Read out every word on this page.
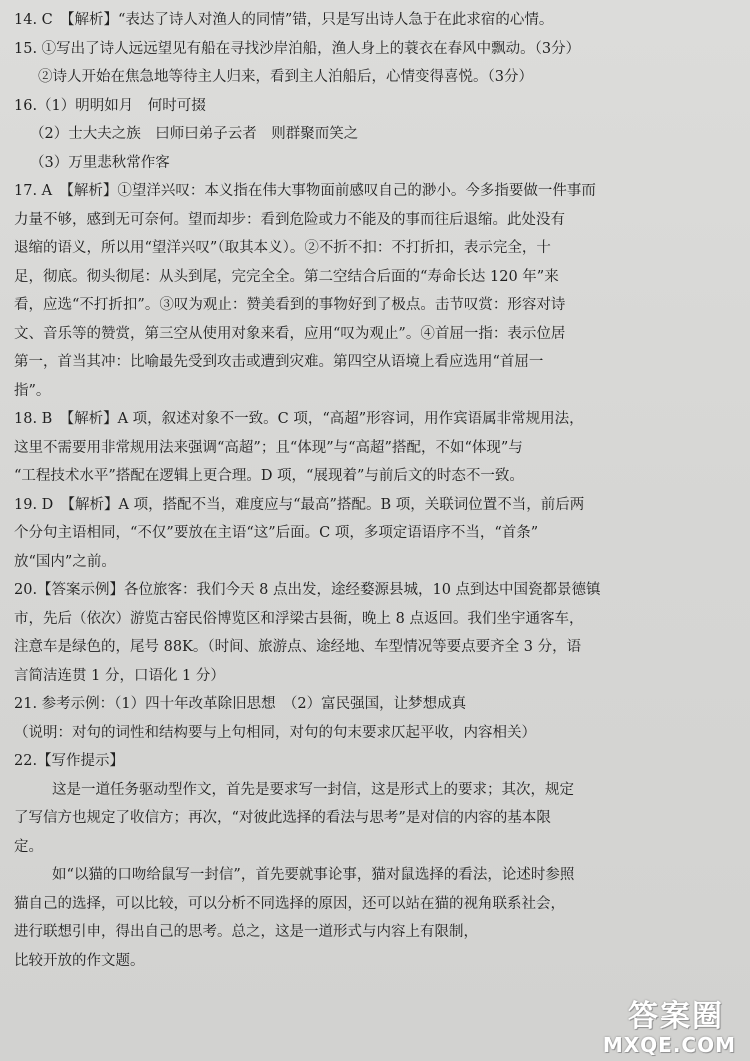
14. C　【解析】“表达了诗人对渔人的同情”错，只是写出诗人急于在此求宿的心情。
15. ①写出了诗人远远望见有船在寻找沙岸泊船，渔人身上的蓑衣在春风中飘动。（3分）
②诗人开始在焦急地等待主人归来，看到主人泊船后，心情变得喜悦。（3分）
16.（1）明明如月　何时可掇
（2）士大夫之族　曰师曰弟子云者　则群聚而笑之
（3）万里悲秋常作客
17. A　【解析】①望洋兴叹：本义指在伟大事物面前感叹自己的渺小。今多指要做一件事而
力量不够，感到无可奈何。望而却步：看到危险或力不能及的事而往后退缩。此处没有
退缩的语义，所以用“望洋兴叹”（取其本义）。②不折不扣：不打折扣，表示完全，十
足，彻底。彻头彻尾：从头到尾，完完全全。第二空结合后面的“寿命长达 120 年”来
看，应选“不打折扣”。③叹为观止：赞美看到的事物好到了极点。击节叹赏：形容对诗
文、音乐等的赞赏，第三空从使用对象来看，应用“叹为观止”。④首屈一指：表示位居
第一，首当其冲：比喻最先受到攻击或遭到灾难。第四空从语境上看应选用“首屈一
指”。
18. B　【解析】A 项，叙述对象不一致。C 项，“高超”形容词，用作宾语属非常规用法，
这里不需要用非常规用法来强调“高超”；且“体现”与“高超”搭配，不如“体现”与
“工程技术水平”搭配在逻辑上更合理。D 项，“展现着”与前后文的时态不一致。
19. D　【解析】A 项，搭配不当，难度应与“最高”搭配。B 项，关联词位置不当，前后两
个分句主语相同，“不仅”要放在主语“这”后面。C 项，多项定语语序不当，“首条”
放“国内”之前。
20.【答案示例】各位旅客：我们今天 8 点出发，途经婺源县城，10 点到达中国瓷都景德镇
市，先后（依次）游览古窑民俗博览区和浮梁古县衙，晚上 8 点返回。我们坐宇通客车，
注意车是绿色的，尾号 88K。（时间、旅游点、途经地、车型情况等要点要齐全 3 分，语
言简洁连贯 1 分，口语化 1 分）
21. 参考示例：（1）四十年改革除旧思想　（2）富民强国，让梦想成真
（说明：对句的词性和结构要与上句相同，对句的句末要求仄起平收，内容相关）
22.【写作提示】
这是一道任务驱动型作文，首先是要求写一封信，这是形式上的要求；其次，规定
了写信方也规定了收信方；再次，“对彼此选择的看法与思考”是对信的内容的基本限
定。
如“以猫的口吻给鼠写一封信”，首先要就事论事，猫对鼠选择的看法，论述时参照
猫自己的选择，可以比较，可以分析不同选择的原因，还可以站在猫的视角联系社会，
进行联想引申，得出自己的思考。总之，这是一道形式与内容上有限制，
比较开放的作文题。
答案圈
MXQE.COM
